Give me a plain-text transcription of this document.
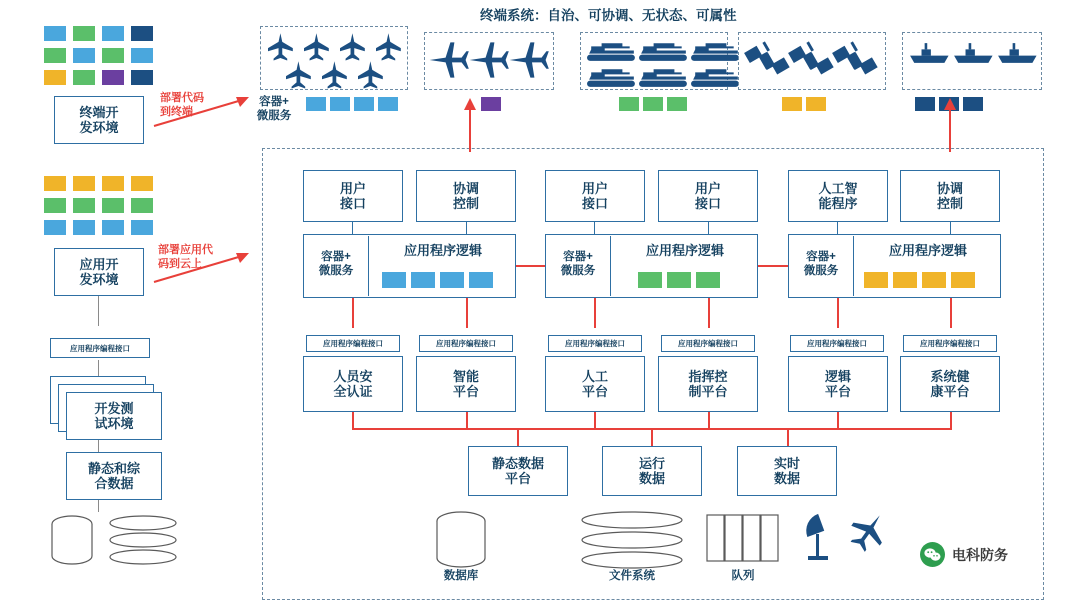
终端系统：自治、可协调、无状态、可属性
终端开
发环境
部署代码
到终端
应用开
发环境
部署应用代
码到云上
应用程序编程接口
开发测
试环境
静态和综
合数据
容器+
微服务
用户
接口
协调
控制
用户
接口
用户
接口
人工智
能程序
协调
控制
容器+
微服务
应用程序逻辑	容器+
微服务
应用程序逻辑	容器+
微服务
应用程序逻辑
应用程序编程接口	应用程序编程接口	应用程序编程接口	应用程序编程接口	应用程序编程接口	应用程序编程接口
人员安
全认证
智能
平台
人工
平台
指挥控
制平台
逻辑
平台
系统健
康平台
静态数据
平台
运行
数据
实时
数据
数据库	文件系统	队列
电科防务
